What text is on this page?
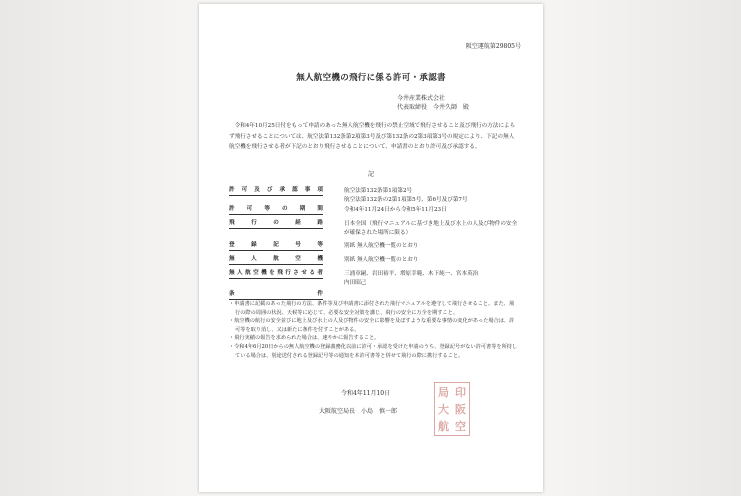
阪空運航第29805号
無人航空機の飛行に係る許可・承認書
今井産業株式会社
代表取締役　今井久師　殿
令和4年10月25日付をもって申請のあった無人航空機を飛行の禁止空域で飛行させること及び飛行の方法によらず飛行させることについては、航空法第132条第2項第3号及び第132条の2第3項第3号の規定により、下記の無人航空機を飛行させる者が下記のとおり飛行させることについて、申請書のとおり許可及び承認する。
記
許可及び承認事項	航空法第132条第1項第2号
航空法第132条の2第1項第5号、第6号及び第7号
許可等の期間	令和4年11月24日から令和5年11月23日
飛行の経路	日本全国（飛行マニュアルに基づき地上及び水上の人及び物件の安全が確保された場所に限る）
登録記号等	別紙 無人航空機一覧のとおり
無人航空機	別紙 無人航空機一覧のとおり
無人航空機を飛行させる者	三浦章嗣、岩田裕平、増原幸範、木下純一、宮本英治
内田昭己
条件
・申請書に記載のあった飛行の方法、条件等及び申請書に添付された飛行マニュアルを遵守して飛行させること。また、飛行の際の周囲の状況、天候等に応じて、必要な安全対策を講じ、飛行の安全に万全を期すこと。
・航空機の航行の安全並びに地上及び水上の人及び物件の安全に影響を及ぼすような重要な事情の変化があった場合は、許可等を取り消し、又は新たに条件を付すことがある。
・飛行実績の報告を求められた場合は、速やかに報告すること。
・令和4年6月20日からの無人航空機の登録義務化以前に許可・承認を受けた申請のうち、登録記号がない許可書等を所持している場合は、別途送付される登録記号等の通知を本許可書等と併せて飛行の際に携行すること。
令和4年11月10日
大阪航空局長　小島　慎一郎
局 印
大 阪
航 空
